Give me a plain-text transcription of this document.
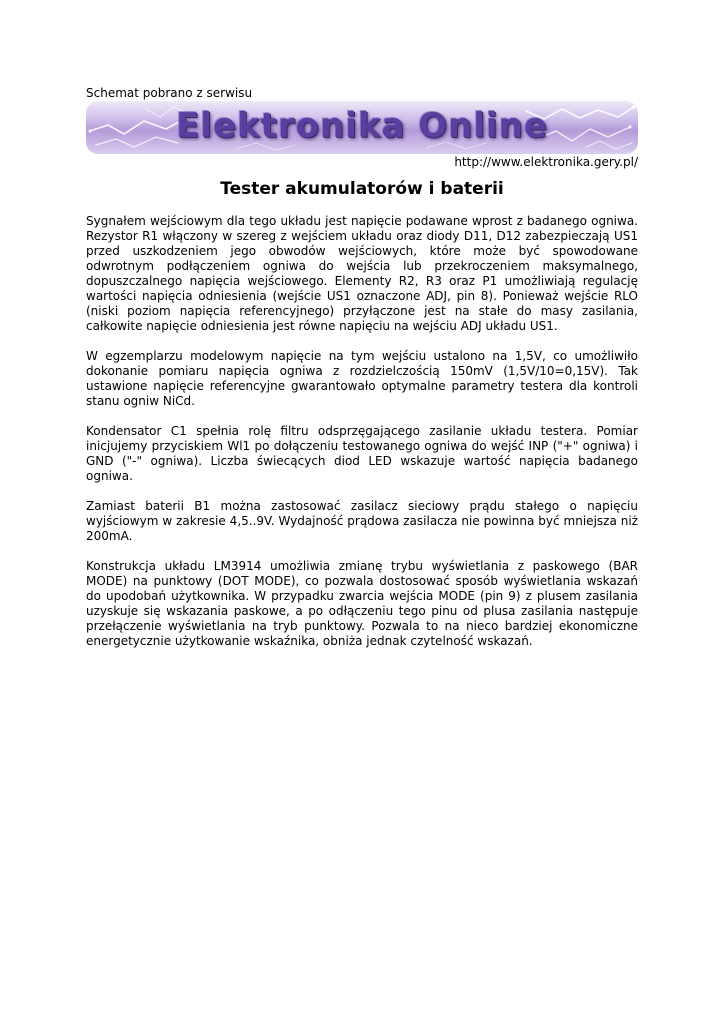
Schemat pobrano z serwisu
Elektronika Online
http://www.elektronika.gery.pl/
Tester akumulatorów i baterii

Sygnałem wejściowym dla tego układu jest napięcie podawane wprost z badanego ogniwa. Rezystor R1 włączony w szereg z wejściem układu oraz diody D11, D12 zabezpieczają US1 przed uszkodzeniem jego obwodów wejściowych, które może być spowodowane odwrotnym podłączeniem ogniwa do wejścia lub przekroczeniem maksymalnego, dopuszczalnego napięcia wejściowego. Elementy R2, R3 oraz P1 umożliwiają regulację wartości napięcia odniesienia (wejście US1 oznaczone ADJ, pin 8). Ponieważ wejście RLO (niski poziom napięcia referencyjnego) przyłączone jest na stałe do masy zasilania, całkowite napięcie odniesienia jest równe napięciu na wejściu ADJ układu US1.

W egzemplarzu modelowym napięcie na tym wejściu ustalono na 1,5V, co umożliwiło dokonanie pomiaru napięcia ogniwa z rozdzielczością 150mV (1,5V/10=0,15V). Tak ustawione napięcie referencyjne gwarantowało optymalne parametry testera dla kontroli stanu ogniw NiCd.

Kondensator C1 spełnia rolę filtru odsprzęgającego zasilanie układu testera. Pomiar inicjujemy przyciskiem Wl1 po dołączeniu testowanego ogniwa do wejść INP ("+" ogniwa) i GND ("-" ogniwa). Liczba świecących diod LED wskazuje wartość napięcia badanego ogniwa.

Zamiast baterii B1 można zastosować zasilacz sieciowy prądu stałego o napięciu wyjściowym w zakresie 4,5..9V. Wydajność prądowa zasilacza nie powinna być mniejsza niż 200mA.

Konstrukcja układu LM3914 umożliwia zmianę trybu wyświetlania z paskowego (BAR MODE) na punktowy (DOT MODE), co pozwala dostosować sposób wyświetlania wskazań do upodobań użytkownika. W przypadku zwarcia wejścia MODE (pin 9) z plusem zasilania uzyskuje się wskazania paskowe, a po odłączeniu tego pinu od plusa zasilania następuje przełączenie wyświetlania na tryb punktowy. Pozwala to na nieco bardziej ekonomiczne energetycznie użytkowanie wskaźnika, obniża jednak czytelność wskazań.
